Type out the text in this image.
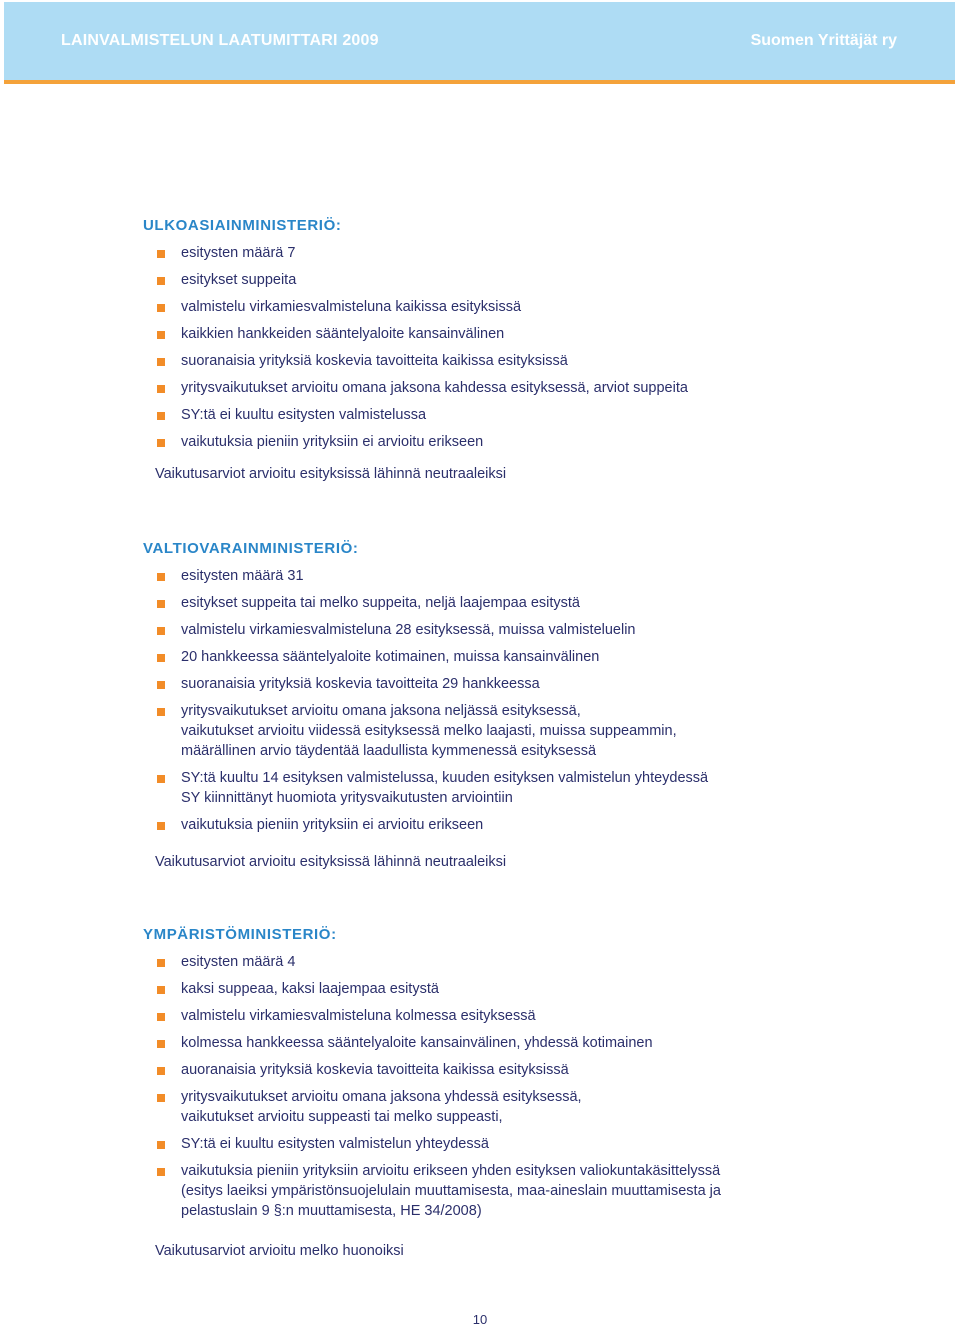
LAINVALMISTELUN LAATUMITTARI 2009	Suomen Yrittäjät ry
ULKOASIAINMINISTERIÖ:
esitysten määrä 7
esitykset suppeita
valmistelu virkamiesvalmisteluna kaikissa esityksissä
kaikkien hankkeiden sääntelyaloite kansainvälinen
suoranaisia yrityksiä koskevia tavoitteita kaikissa esityksissä
yritysvaikutukset arvioitu omana jaksona kahdessa esityksessä, arviot suppeita
SY:tä ei kuultu esitysten valmistelussa
vaikutuksia pieniin yrityksiin ei arvioitu erikseen
Vaikutusarviot arvioitu esityksissä lähinnä neutraaleiksi
VALTIOVARAINMINISTERIÖ:
esitysten määrä 31
esitykset suppeita tai melko suppeita, neljä laajempaa esitystä
valmistelu virkamiesvalmisteluna 28 esityksessä, muissa valmisteluelin
20 hankkeessa sääntelyaloite kotimainen, muissa kansainvälinen
suoranaisia yrityksiä koskevia tavoitteita 29 hankkeessa
yritysvaikutukset arvioitu omana jaksona neljässä esityksessä,
vaikutukset arvioitu viidessä esityksessä melko laajasti, muissa suppeammin,
määrällinen arvio täydentää laadullista kymmenessä esityksessä
SY:tä kuultu 14 esityksen valmistelussa, kuuden esityksen valmistelun yhteydessä
SY kiinnittänyt huomiota yritysvaikutusten arviointiin
vaikutuksia pieniin yrityksiin ei arvioitu erikseen
Vaikutusarviot arvioitu esityksissä lähinnä neutraaleiksi
YMPÄRISTÖMINISTERIÖ:
esitysten määrä 4
kaksi suppeaa, kaksi laajempaa esitystä
valmistelu virkamiesvalmisteluna kolmessa esityksessä
kolmessa hankkeessa sääntelyaloite kansainvälinen, yhdessä kotimainen
auoranaisia yrityksiä koskevia tavoitteita kaikissa esityksissä
yritysvaikutukset arvioitu omana jaksona yhdessä esityksessä,
vaikutukset arvioitu suppeasti tai melko suppeasti,
SY:tä ei kuultu esitysten valmistelun yhteydessä
vaikutuksia pieniin yrityksiin arvioitu erikseen yhden esityksen valiokuntakäsittelyssä
(esitys laeiksi ympäristönsuojelulain muuttamisesta, maa-aineslain muuttamisesta ja
pelastuslain 9 §:n muuttamisesta, HE 34/2008)
Vaikutusarviot arvioitu melko huonoiksi
10
